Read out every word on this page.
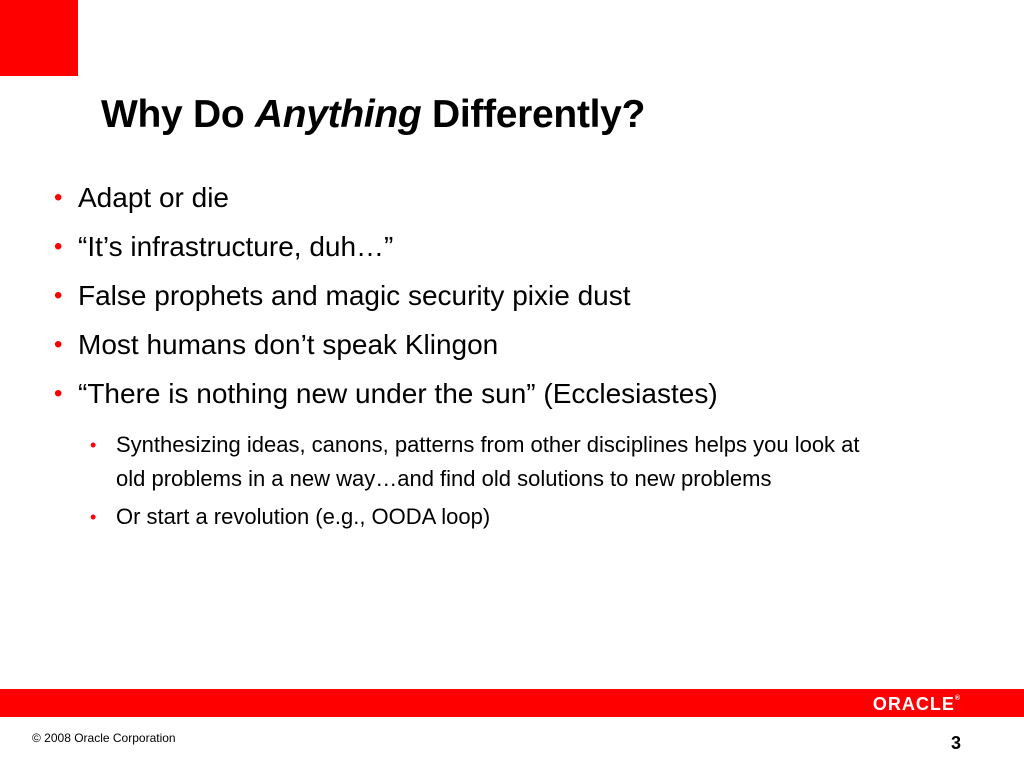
Why Do Anything Differently?
• Adapt or die
• “It’s infrastructure, duh…”
• False prophets and magic security pixie dust
• Most humans don’t speak Klingon
• “There is nothing new under the sun” (Ecclesiastes)
• Synthesizing ideas, canons, patterns from other disciplines helps you look at old problems in a new way…and find old solutions to new problems
• Or start a revolution (e.g., OODA loop)
ORACLE®
© 2008 Oracle Corporation	3
